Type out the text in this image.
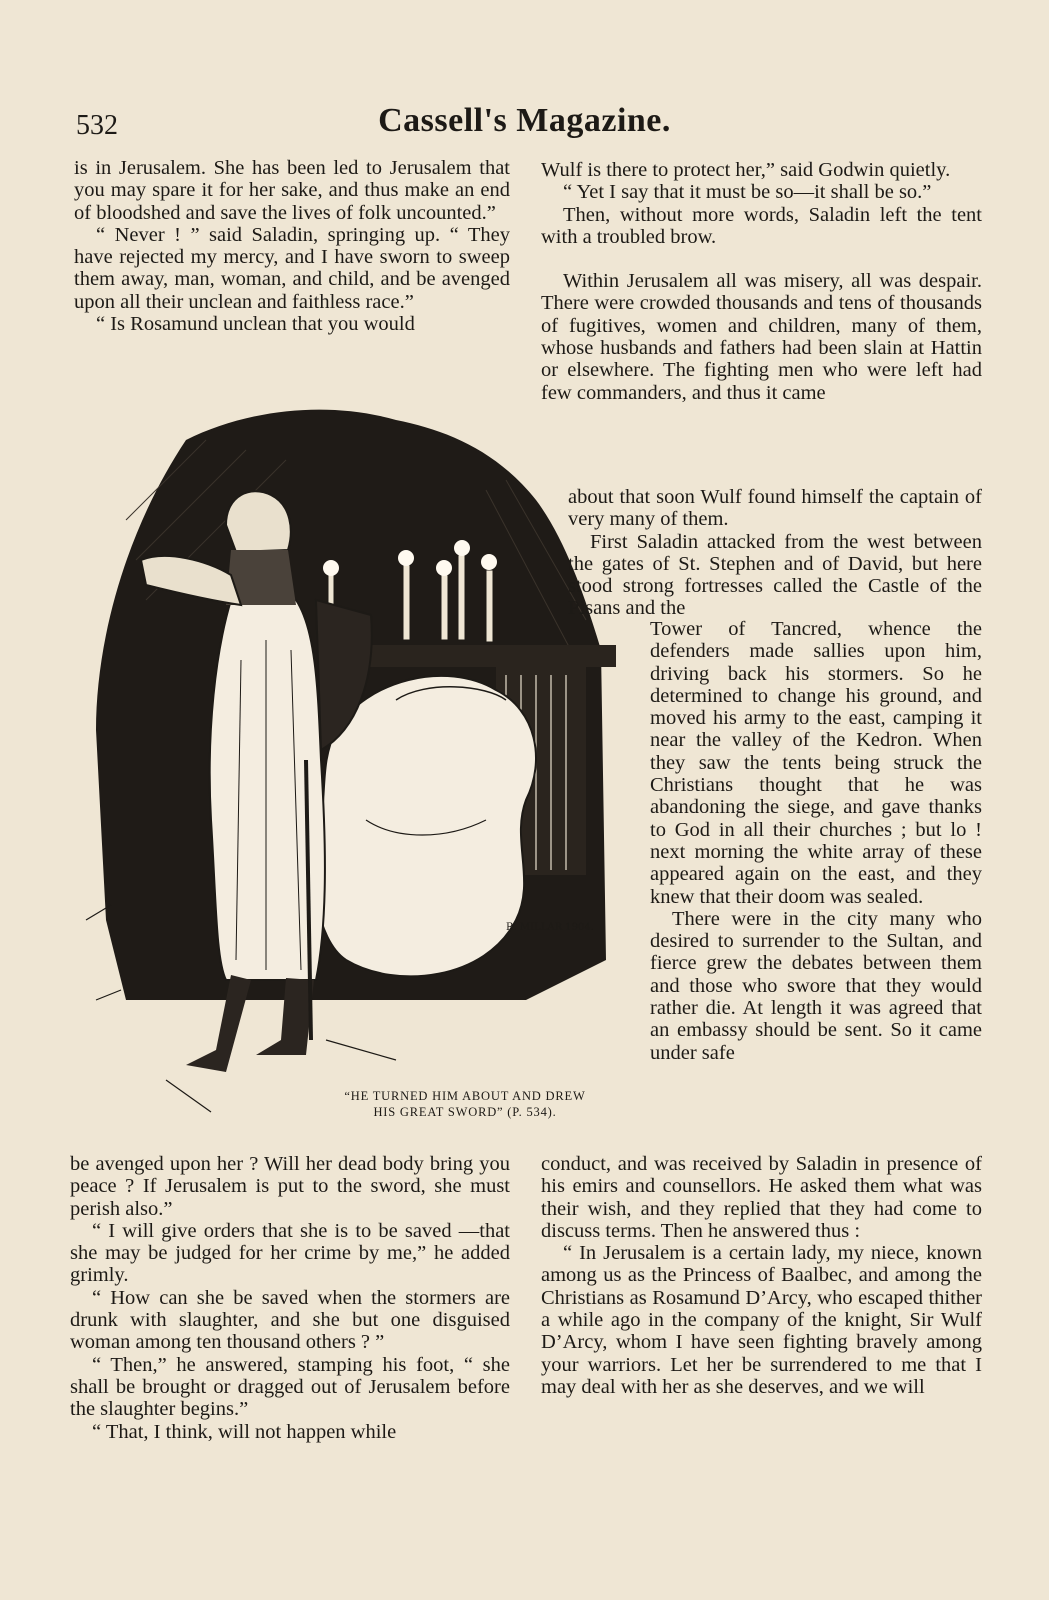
532	Cassell's Magazine.

is in Jerusalem. She has been led to Jerusalem that you may spare it for her sake, and thus make an end of bloodshed and save the lives of folk uncounted.”

“ Never ! ” said Saladin, springing up. “ They have rejected my mercy, and I have sworn to sweep them away, man, woman, and child, and be avenged upon all their unclean and faithless race.”

“ Is Rosamund unclean that you would

R. MILLAR 1904.
“HE TURNED HIM ABOUT AND DREW
HIS GREAT SWORD” (P. 534).

be avenged upon her ? Will her dead body bring you peace ? If Jerusalem is put to the sword, she must perish also.”

“ I will give orders that she is to be saved —that she may be judged for her crime by me,” he added grimly.

“ How can she be saved when the stormers are drunk with slaughter, and she but one disguised woman among ten thousand others ? ”

“ Then,” he answered, stamping his foot, “ she shall be brought or dragged out of Jerusalem before the slaughter begins.”

“ That, I think, will not happen while

Wulf is there to protect her,” said Godwin quietly.

“ Yet I say that it must be so—it shall be so.”

Then, without more words, Saladin left the tent with a troubled brow.

Within Jerusalem all was misery, all was despair. There were crowded thousands and tens of thousands of fugitives, women and children, many of them, whose husbands and fathers had been slain at Hattin or elsewhere. The fighting men who were left had few commanders, and thus it came

about that soon Wulf found himself the captain of very many of them.

First Saladin attacked from the west between the gates of St. Stephen and of David, but here stood strong fortresses called the Castle of the Pisans and the

Tower of Tancred, whence the defenders made sallies upon him, driving back his stormers. So he determined to change his ground, and moved his army to the east, camping it near the valley of the Kedron. When they saw the tents being struck the Christians thought that he was abandoning the siege, and gave thanks to God in all their churches ; but lo ! next morning the white array of these appeared again on the east, and they knew that their doom was sealed.

There were in the city many who desired to surrender to the Sultan, and fierce grew the debates between them and those who swore that they would rather die. At length it was agreed that an embassy should be sent. So it came under safe

conduct, and was received by Saladin in presence of his emirs and counsellors. He asked them what was their wish, and they replied that they had come to discuss terms. Then he answered thus :

“ In Jerusalem is a certain lady, my niece, known among us as the Princess of Baalbec, and among the Christians as Rosamund D’Arcy, who escaped thither a while ago in the company of the knight, Sir Wulf D’Arcy, whom I have seen fighting bravely among your warriors. Let her be surrendered to me that I may deal with her as she deserves, and we will
